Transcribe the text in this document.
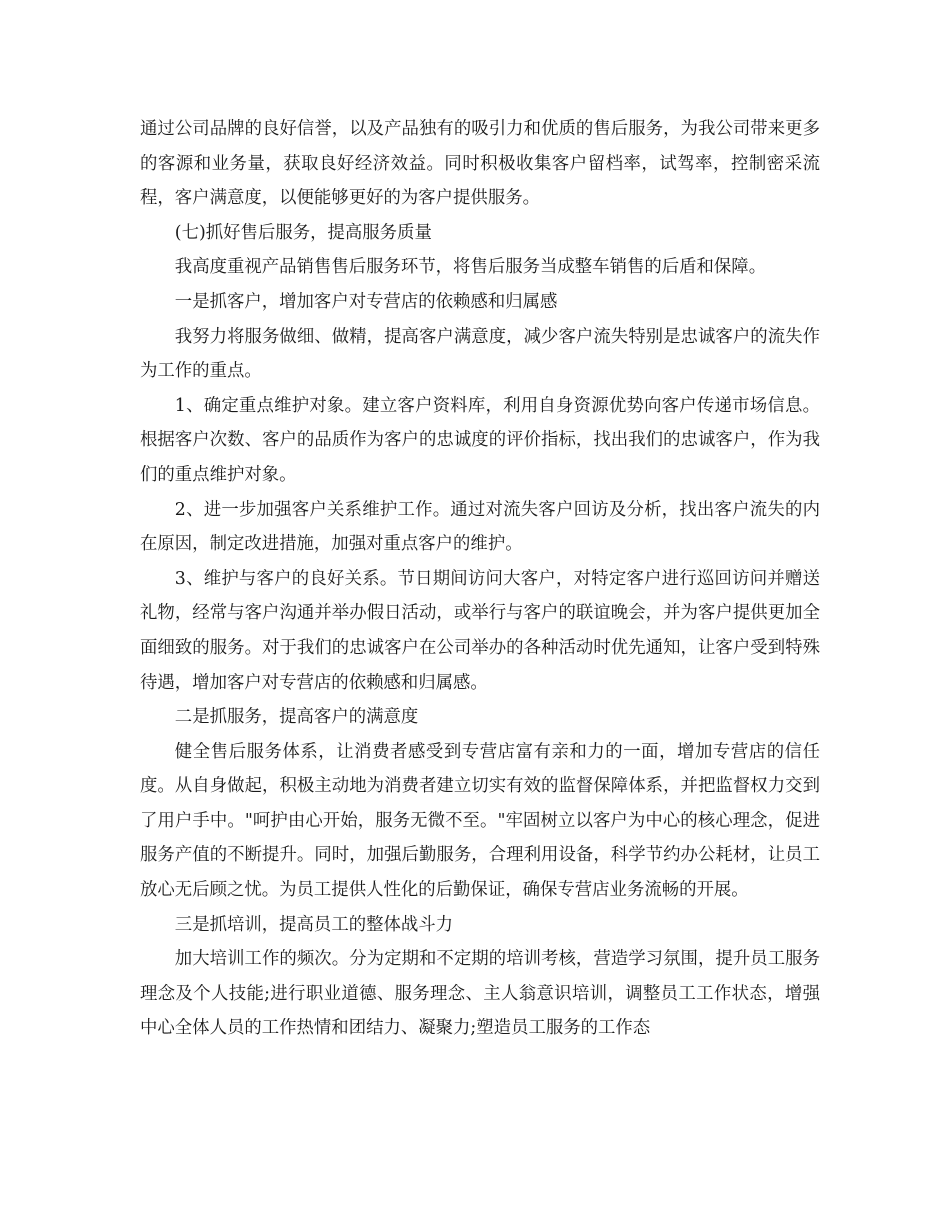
通过公司品牌的良好信誉，以及产品独有的吸引力和优质的售后服务，为我公司带来更多的客源和业务量，获取良好经济效益。同时积极收集客户留档率，试驾率，控制密采流程，客户满意度，以便能够更好的为客户提供服务。

(七)抓好售后服务，提高服务质量

我高度重视产品销售售后服务环节，将售后服务当成整车销售的后盾和保障。

一是抓客户，增加客户对专营店的依赖感和归属感

我努力将服务做细、做精，提高客户满意度，减少客户流失特别是忠诚客户的流失作为工作的重点。

1、确定重点维护对象。建立客户资料库，利用自身资源优势向客户传递市场信息。根据客户次数、客户的品质作为客户的忠诚度的评价指标，找出我们的忠诚客户，作为我们的重点维护对象。

2、进一步加强客户关系维护工作。通过对流失客户回访及分析，找出客户流失的内在原因，制定改进措施，加强对重点客户的维护。

3、维护与客户的良好关系。节日期间访问大客户，对特定客户进行巡回访问并赠送礼物，经常与客户沟通并举办假日活动，或举行与客户的联谊晚会，并为客户提供更加全面细致的服务。对于我们的忠诚客户在公司举办的各种活动时优先通知，让客户受到特殊待遇，增加客户对专营店的依赖感和归属感。

二是抓服务，提高客户的满意度

健全售后服务体系，让消费者感受到专营店富有亲和力的一面，增加专营店的信任度。从自身做起，积极主动地为消费者建立切实有效的监督保障体系，并把监督权力交到了用户手中。"呵护由心开始，服务无微不至。"牢固树立以客户为中心的核心理念，促进服务产值的不断提升。同时，加强后勤服务，合理利用设备，科学节约办公耗材，让员工放心无后顾之忧。为员工提供人性化的后勤保证，确保专营店业务流畅的开展。

三是抓培训，提高员工的整体战斗力

加大培训工作的频次。分为定期和不定期的培训考核，营造学习氛围，提升员工服务理念及个人技能;进行职业道德、服务理念、主人翁意识培训，调整员工工作状态，增强中心全体人员的工作热情和团结力、凝聚力;塑造员工服务的工作态
